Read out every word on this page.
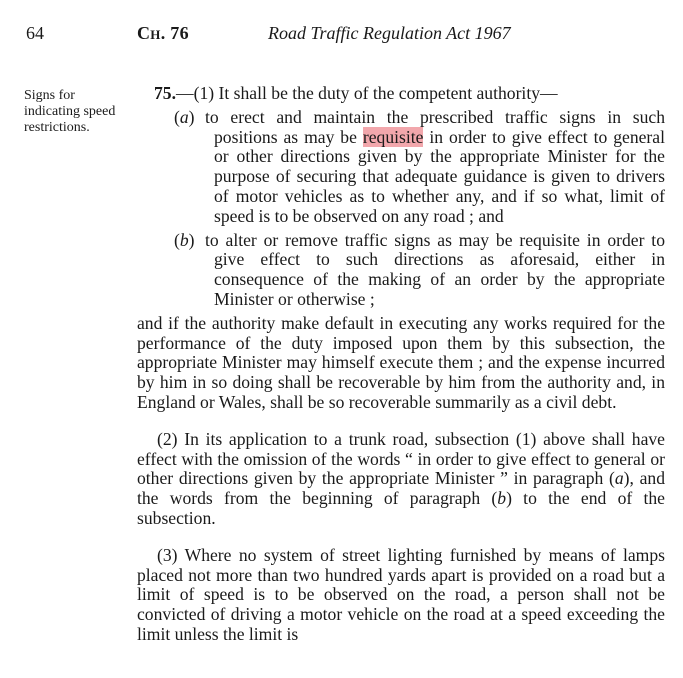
64	Ch. 76	Road Traffic Regulation Act 1967
Signs for indicating speed restrictions.

75.—(1) It shall be the duty of the competent authority—

(a) to erect and maintain the prescribed traffic signs in such positions as may be requisite in order to give effect to general or other directions given by the appropriate Minister for the purpose of securing that adequate guidance is given to drivers of motor vehicles as to whether any, and if so what, limit of speed is to be observed on any road ; and

(b) to alter or remove traffic signs as may be requisite in order to give effect to such directions as aforesaid, either in consequence of the making of an order by the appropriate Minister or otherwise ;

and if the authority make default in executing any works required for the performance of the duty imposed upon them by this subsection, the appropriate Minister may himself execute them ; and the expense incurred by him in so doing shall be recoverable by him from the authority and, in England or Wales, shall be so recoverable summarily as a civil debt.

(2) In its application to a trunk road, subsection (1) above shall have effect with the omission of the words “ in order to give effect to general or other directions given by the appropriate Minister ” in paragraph (a), and the words from the beginning of paragraph (b) to the end of the subsection.

(3) Where no system of street lighting furnished by means of lamps placed not more than two hundred yards apart is provided on a road but a limit of speed is to be observed on the road, a person shall not be convicted of driving a motor vehicle on the road at a speed exceeding the limit unless the limit is
